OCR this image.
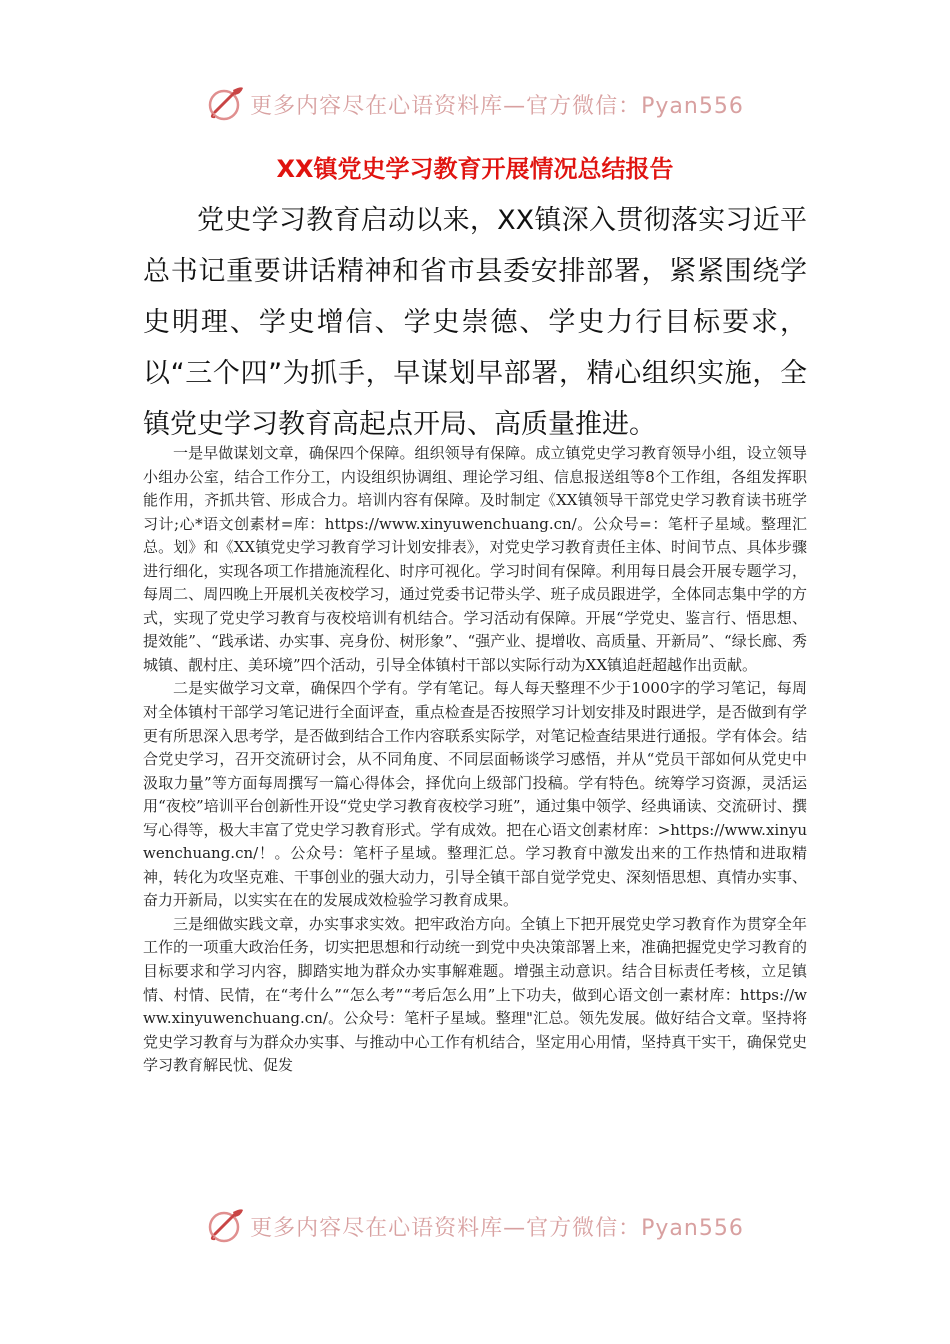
更多内容尽在心语资料库—官方微信：Pyan556
XX镇党史学习教育开展情况总结报告

党史学习教育启动以来，XX镇深入贯彻落实习近平总书记重要讲话精神和省市县委安排部署，紧紧围绕学史明理、学史增信、学史崇德、学史力行目标要求，以“三个四”为抓手，早谋划早部署，精心组织实施，全镇党史学习教育高起点开局、高质量推进。

一是早做谋划文章，确保四个保障。组织领导有保障。成立镇党史学习教育领导小组，设立领导小组办公室，结合工作分工，内设组织协调组、理论学习组、信息报送组等8个工作组，各组发挥职能作用，齐抓共管、形成合力。培训内容有保障。及时制定《XX镇领导干部党史学习教育读书班学习计;心*语文创素材=库：https://www.xinyuwenchuang.cn/。公众号=：笔杆子星域。整理汇总。划》和《XX镇党史学习教育学习计划安排表》，对党史学习教育责任主体、时间节点、具体步骤进行细化，实现各项工作措施流程化、时序可视化。学习时间有保障。利用每日晨会开展专题学习，每周二、周四晚上开展机关夜校学习，通过党委书记带头学、班子成员跟进学，全体同志集中学的方式，实现了党史学习教育与夜校培训有机结合。学习活动有保障。开展“学党史、鉴言行、悟思想、提效能”、“践承诺、办实事、亮身份、树形象”、“强产业、提增收、高质量、开新局”、“绿长廊、秀城镇、靓村庄、美环境”四个活动，引导全体镇村干部以实际行动为XX镇追赶超越作出贡献。

二是实做学习文章，确保四个学有。学有笔记。每人每天整理不少于1000字的学习笔记，每周对全体镇村干部学习笔记进行全面评查，重点检查是否按照学习计划安排及时跟进学，是否做到有学更有所思深入思考学，是否做到结合工作内容联系实际学，对笔记检查结果进行通报。学有体会。结合党史学习，召开交流研讨会，从不同角度、不同层面畅谈学习感悟，并从“党员干部如何从党史中汲取力量”等方面每周撰写一篇心得体会，择优向上级部门投稿。学有特色。统筹学习资源，灵活运用“夜校”培训平台创新性开设“党史学习教育夜校学习班”，通过集中领学、经典诵读、交流研讨、撰写心得等，极大丰富了党史学习教育形式。学有成效。把在心语文创素材库：>https://www.xinyuwenchuang.cn/！。公众号：笔杆子星域。整理汇总。学习教育中激发出来的工作热情和进取精神，转化为攻坚克难、干事创业的强大动力，引导全镇干部自觉学党史、深刻悟思想、真情办实事、奋力开新局，以实实在在的发展成效检验学习教育成果。

三是细做实践文章，办实事求实效。把牢政治方向。全镇上下把开展党史学习教育作为贯穿全年工作的一项重大政治任务，切实把思想和行动统一到党中央决策部署上来，准确把握党史学习教育的目标要求和学习内容，脚踏实地为群众办实事解难题。增强主动意识。结合目标责任考核，立足镇情、村情、民情，在“考什么”“怎么考”“考后怎么用”上下功夫，做到心语文创一素材库：https://www.xinyuwenchuang.cn/。公众号：笔杆子星域。整理"汇总。领先发展。做好结合文章。坚持将党史学习教育与为群众办实事、与推动中心工作有机结合，坚定用心用情，坚持真干实干，确保党史学习教育解民忧、促发

更多内容尽在心语资料库—官方微信：Pyan556
